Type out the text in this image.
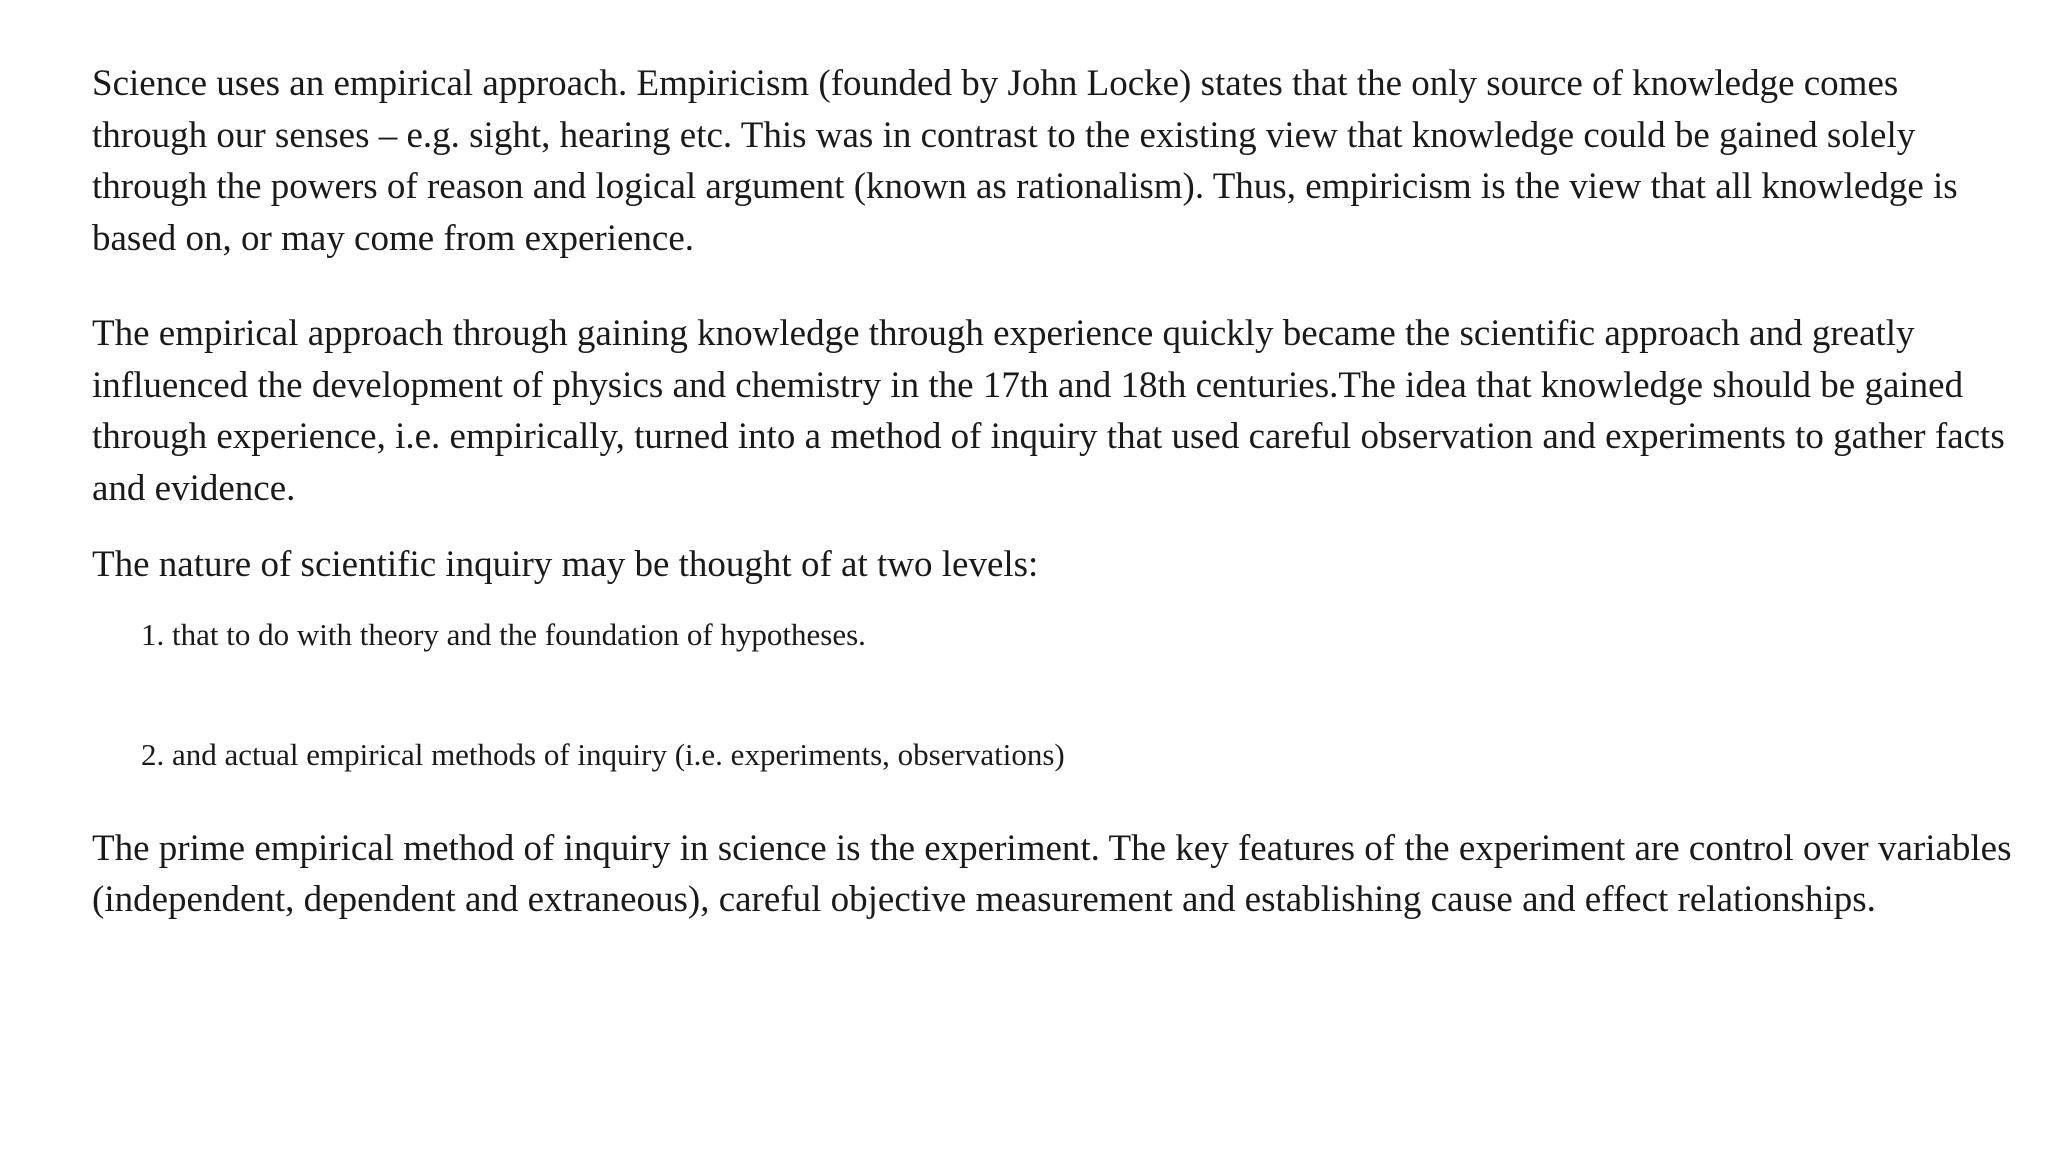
Science uses an empirical approach. Empiricism (founded by John Locke) states that the only source of knowledge comes through our senses – e.g. sight, hearing etc. This was in contrast to the existing view that knowledge could be gained solely through the powers of reason and logical argument (known as rationalism). Thus, empiricism is the view that all knowledge is based on, or may come from experience.

The empirical approach through gaining knowledge through experience quickly became the scientific approach and greatly influenced the development of physics and chemistry in the 17th and 18th centuries.The idea that knowledge should be gained through experience, i.e. empirically, turned into a method of inquiry that used careful observation and experiments to gather facts and evidence.

The nature of scientific inquiry may be thought of at two levels:

1. that to do with theory and the foundation of hypotheses.
2. and actual empirical methods of inquiry (i.e. experiments, observations)

The prime empirical method of inquiry in science is the experiment. The key features of the experiment are control over variables (independent, dependent and extraneous), careful objective measurement and establishing cause and effect relationships.
